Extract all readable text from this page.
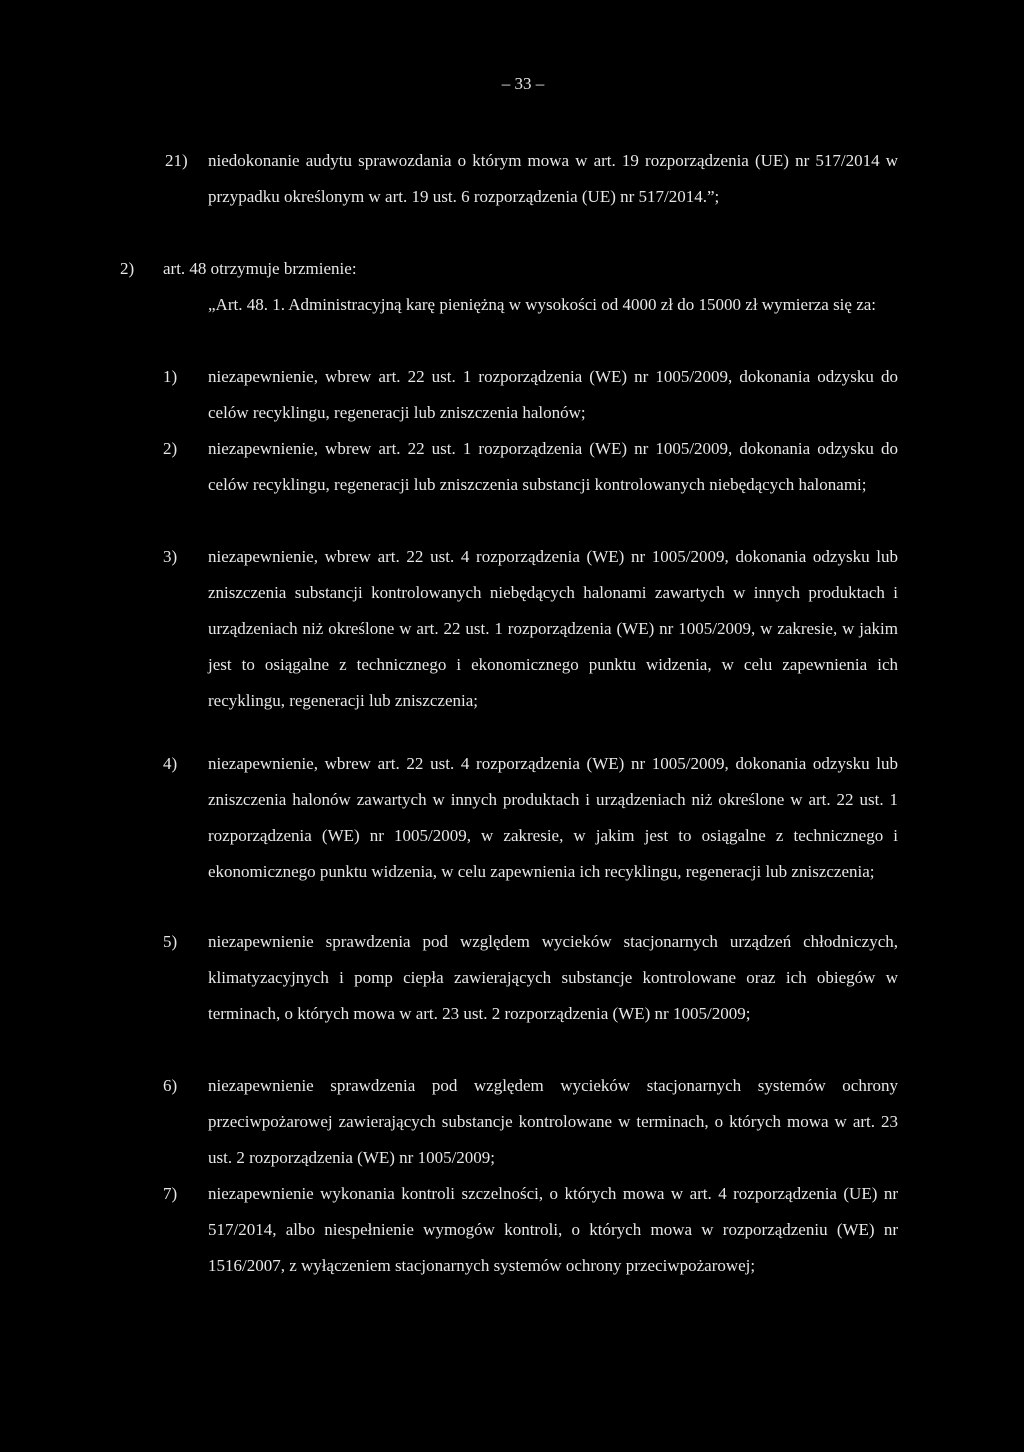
– 33 –
21) niedokonanie audytu sprawozdania o którym mowa w art. 19 rozporządzenia (UE) nr 517/2014 w przypadku określonym w art. 19 ust. 6 rozporządzenia (UE) nr 517/2014.”;
2) art. 48 otrzymuje brzmienie:
„Art. 48. 1. Administracyjną karę pieniężną w wysokości od 4000 zł do 15000 zł wymierza się za:
1) niezapewnienie, wbrew art. 22 ust. 1 rozporządzenia (WE) nr 1005/2009, dokonania odzysku do celów recyklingu, regeneracji lub zniszczenia halonów;
2) niezapewnienie, wbrew art. 22 ust. 1 rozporządzenia (WE) nr 1005/2009, dokonania odzysku do celów recyklingu, regeneracji lub zniszczenia substancji kontrolowanych niebędących halonami;
3) niezapewnienie, wbrew art. 22 ust. 4 rozporządzenia (WE) nr 1005/2009, dokonania odzysku lub zniszczenia substancji kontrolowanych niebędących halonami zawartych w innych produktach i urządzeniach niż określone w art. 22 ust. 1 rozporządzenia (WE) nr 1005/2009, w zakresie, w jakim jest to osiągalne z technicznego i ekonomicznego punktu widzenia, w celu zapewnienia ich recyklingu, regeneracji lub zniszczenia;
4) niezapewnienie, wbrew art. 22 ust. 4 rozporządzenia (WE) nr 1005/2009, dokonania odzysku lub zniszczenia halonów zawartych w innych produktach i urządzeniach niż określone w art. 22 ust. 1 rozporządzenia (WE) nr 1005/2009, w zakresie, w jakim jest to osiągalne z technicznego i ekonomicznego punktu widzenia, w celu zapewnienia ich recyklingu, regeneracji lub zniszczenia;
5) niezapewnienie sprawdzenia pod względem wycieków stacjonarnych urządzeń chłodniczych, klimatyzacyjnych i pomp ciepła zawierających substancje kontrolowane oraz ich obiegów w terminach, o których mowa w art. 23 ust. 2 rozporządzenia (WE) nr 1005/2009;
6) niezapewnienie sprawdzenia pod względem wycieków stacjonarnych systemów ochrony przeciwpożarowej zawierających substancje kontrolowane w terminach, o których mowa w art. 23 ust. 2 rozporządzenia (WE) nr 1005/2009;
7) niezapewnienie wykonania kontroli szczelności, o których mowa w art. 4 rozporządzenia (UE) nr 517/2014, albo niespełnienie wymogów kontroli, o których mowa w rozporządzeniu (WE) nr 1516/2007, z wyłączeniem stacjonarnych systemów ochrony przeciwpożarowej;
